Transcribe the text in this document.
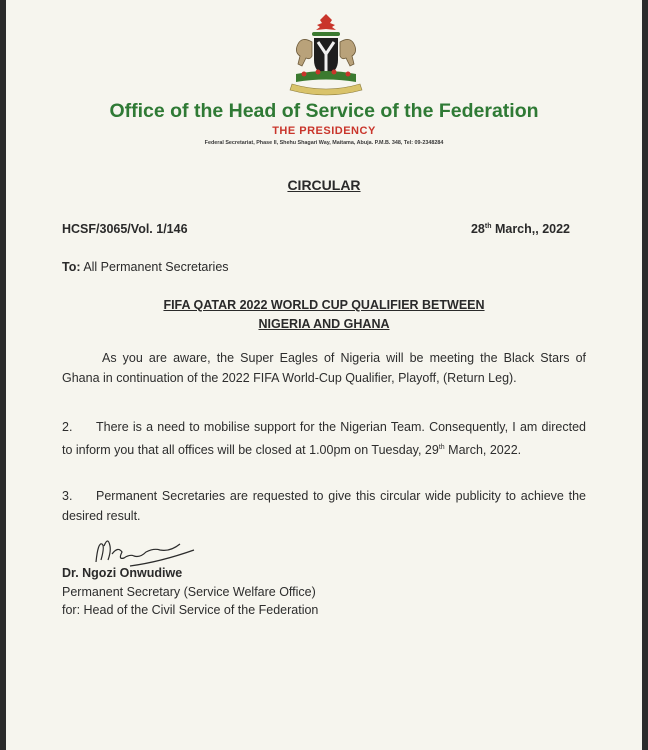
Office of the Head of Service of the Federation
THE PRESIDENCY
Federal Secretariat, Phase II, Shehu Shagari Way, Maitama, Abuja. P.M.B. 348, Tel: 09-2348284
CIRCULAR
HCSF/3065/Vol. 1/146	28th March,, 2022
To: All Permanent Secretaries
FIFA QATAR 2022 WORLD CUP QUALIFIER BETWEEN
NIGERIA AND GHANA
As you are aware, the Super Eagles of Nigeria will be meeting the Black Stars of Ghana in continuation of the 2022 FIFA World-Cup Qualifier, Playoff, (Return Leg).
2. There is a need to mobilise support for the Nigerian Team. Consequently, I am directed to inform you that all offices will be closed at 1.00pm on Tuesday, 29th March, 2022.
3. Permanent Secretaries are requested to give this circular wide publicity to achieve the desired result.
Dr. Ngozi Onwudiwe
Permanent Secretary (Service Welfare Office)
for: Head of the Civil Service of the Federation
